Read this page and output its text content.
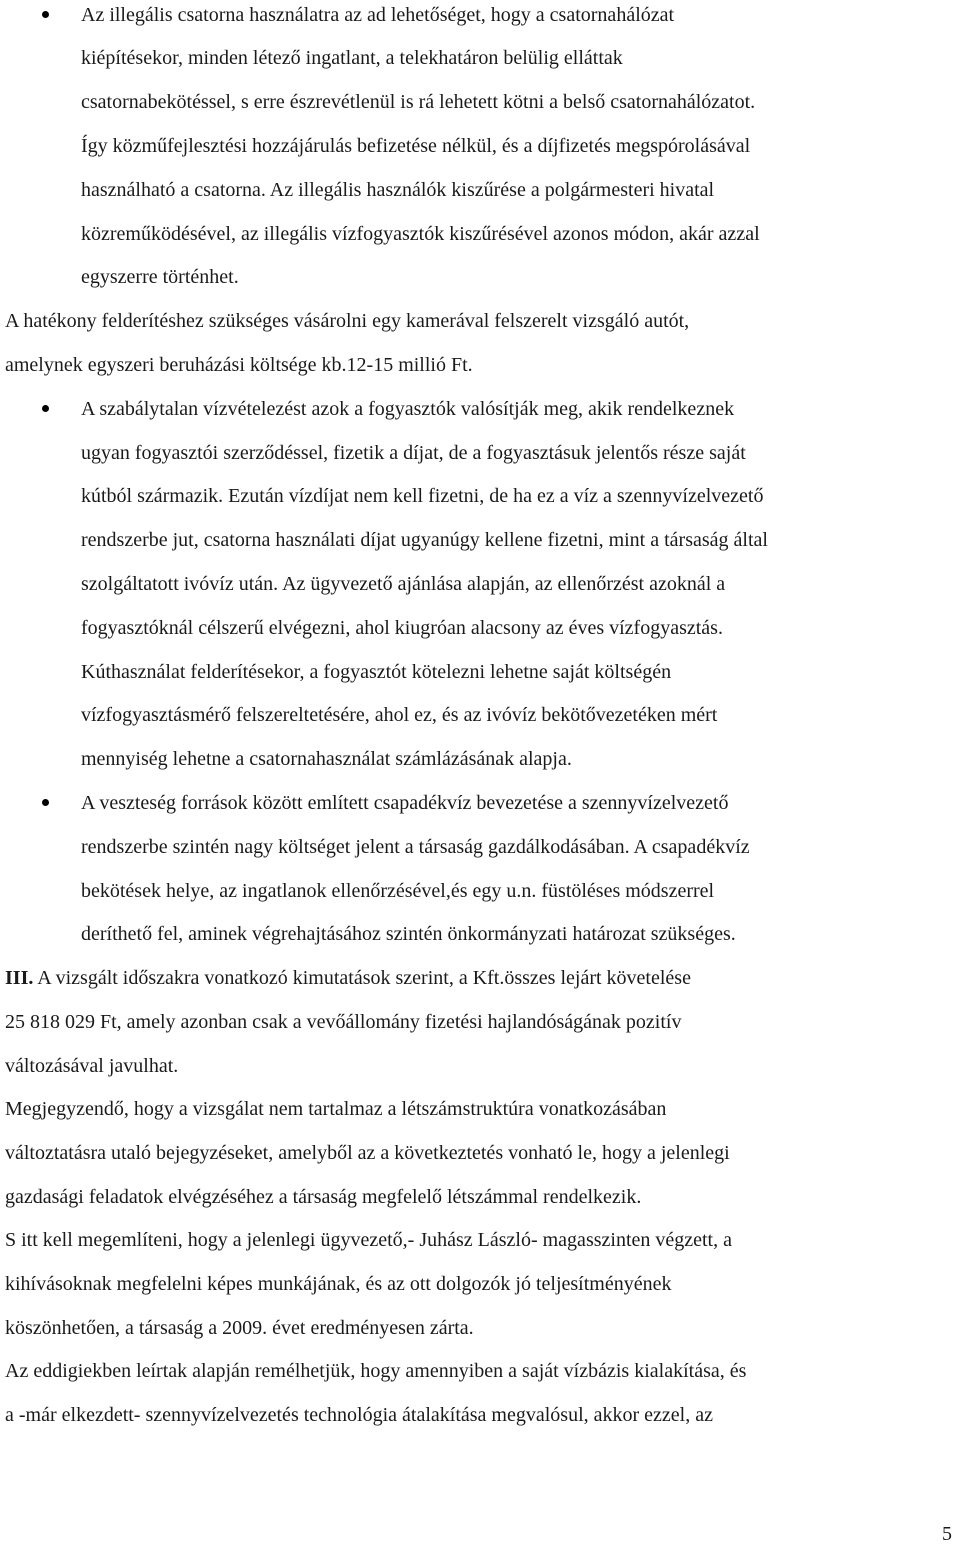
Az illegális csatorna használatra az ad lehetőséget, hogy a csatornahálózat
kiépítésekor, minden létező ingatlant, a telekhatáron belülig elláttak
csatornabekötéssel, s erre észrevétlenül is rá lehetett kötni a belső csatornahálózatot.
Így közműfejlesztési hozzájárulás befizetése nélkül, és a díjfizetés megspórolásával
használható a csatorna. Az illegális használók kiszűrése a polgármesteri hivatal
közreműködésével, az illegális vízfogyasztók kiszűrésével azonos módon, akár azzal
egyszerre történhet.
A hatékony felderítéshez szükséges vásárolni egy kamerával felszerelt vizsgáló autót,
amelynek egyszeri beruházási költsége kb.12-15 millió Ft.
A szabálytalan vízvételezést azok a fogyasztók valósítják meg, akik rendelkeznek
ugyan fogyasztói szerződéssel, fizetik a díjat, de a fogyasztásuk jelentős része saját
kútból származik. Ezután vízdíjat nem kell fizetni, de ha ez a víz a szennyvízelvezető
rendszerbe jut, csatorna használati díjat ugyanúgy kellene fizetni, mint a társaság által
szolgáltatott ivóvíz után. Az ügyvezető ajánlása alapján, az ellenőrzést azoknál a
fogyasztóknál célszerű elvégezni, ahol kiugróan alacsony az éves vízfogyasztás.
Kúthasználat felderítésekor, a fogyasztót kötelezni lehetne saját költségén
vízfogyasztásmérő felszereltetésére, ahol ez, és az ivóvíz bekötővezetéken mért
mennyiség lehetne a csatornahasználat számlázásának alapja.
A veszteség források között említett csapadékvíz bevezetése a szennyvízelvezető
rendszerbe szintén nagy költséget jelent a társaság gazdálkodásában. A csapadékvíz
bekötések helye, az ingatlanok ellenőrzésével,és egy u.n. füstöléses módszerrel
deríthető fel, aminek végrehajtásához szintén önkormányzati határozat szükséges.
III. A vizsgált időszakra vonatkozó kimutatások szerint, a Kft.összes lejárt követelése
25 818 029 Ft, amely azonban csak a vevőállomány fizetési hajlandóságának pozitív
változásával javulhat.
Megjegyzendő, hogy a vizsgálat nem tartalmaz a létszámstruktúra vonatkozásában
változtatásra utaló bejegyzéseket, amelyből az a következtetés vonható le, hogy a jelenlegi
gazdasági feladatok elvégzéséhez a társaság megfelelő létszámmal rendelkezik.
S itt kell megemlíteni, hogy a jelenlegi ügyvezető,- Juhász László- magasszinten végzett, a
kihívásoknak megfelelni képes munkájának, és az ott dolgozók jó teljesítményének
köszönhetően, a társaság a 2009. évet eredményesen zárta.
Az eddigiekben leírtak alapján remélhetjük, hogy amennyiben a saját vízbázis kialakítása, és
a -már elkezdett- szennyvízelvezetés technológia átalakítása megvalósul, akkor ezzel, az
5
